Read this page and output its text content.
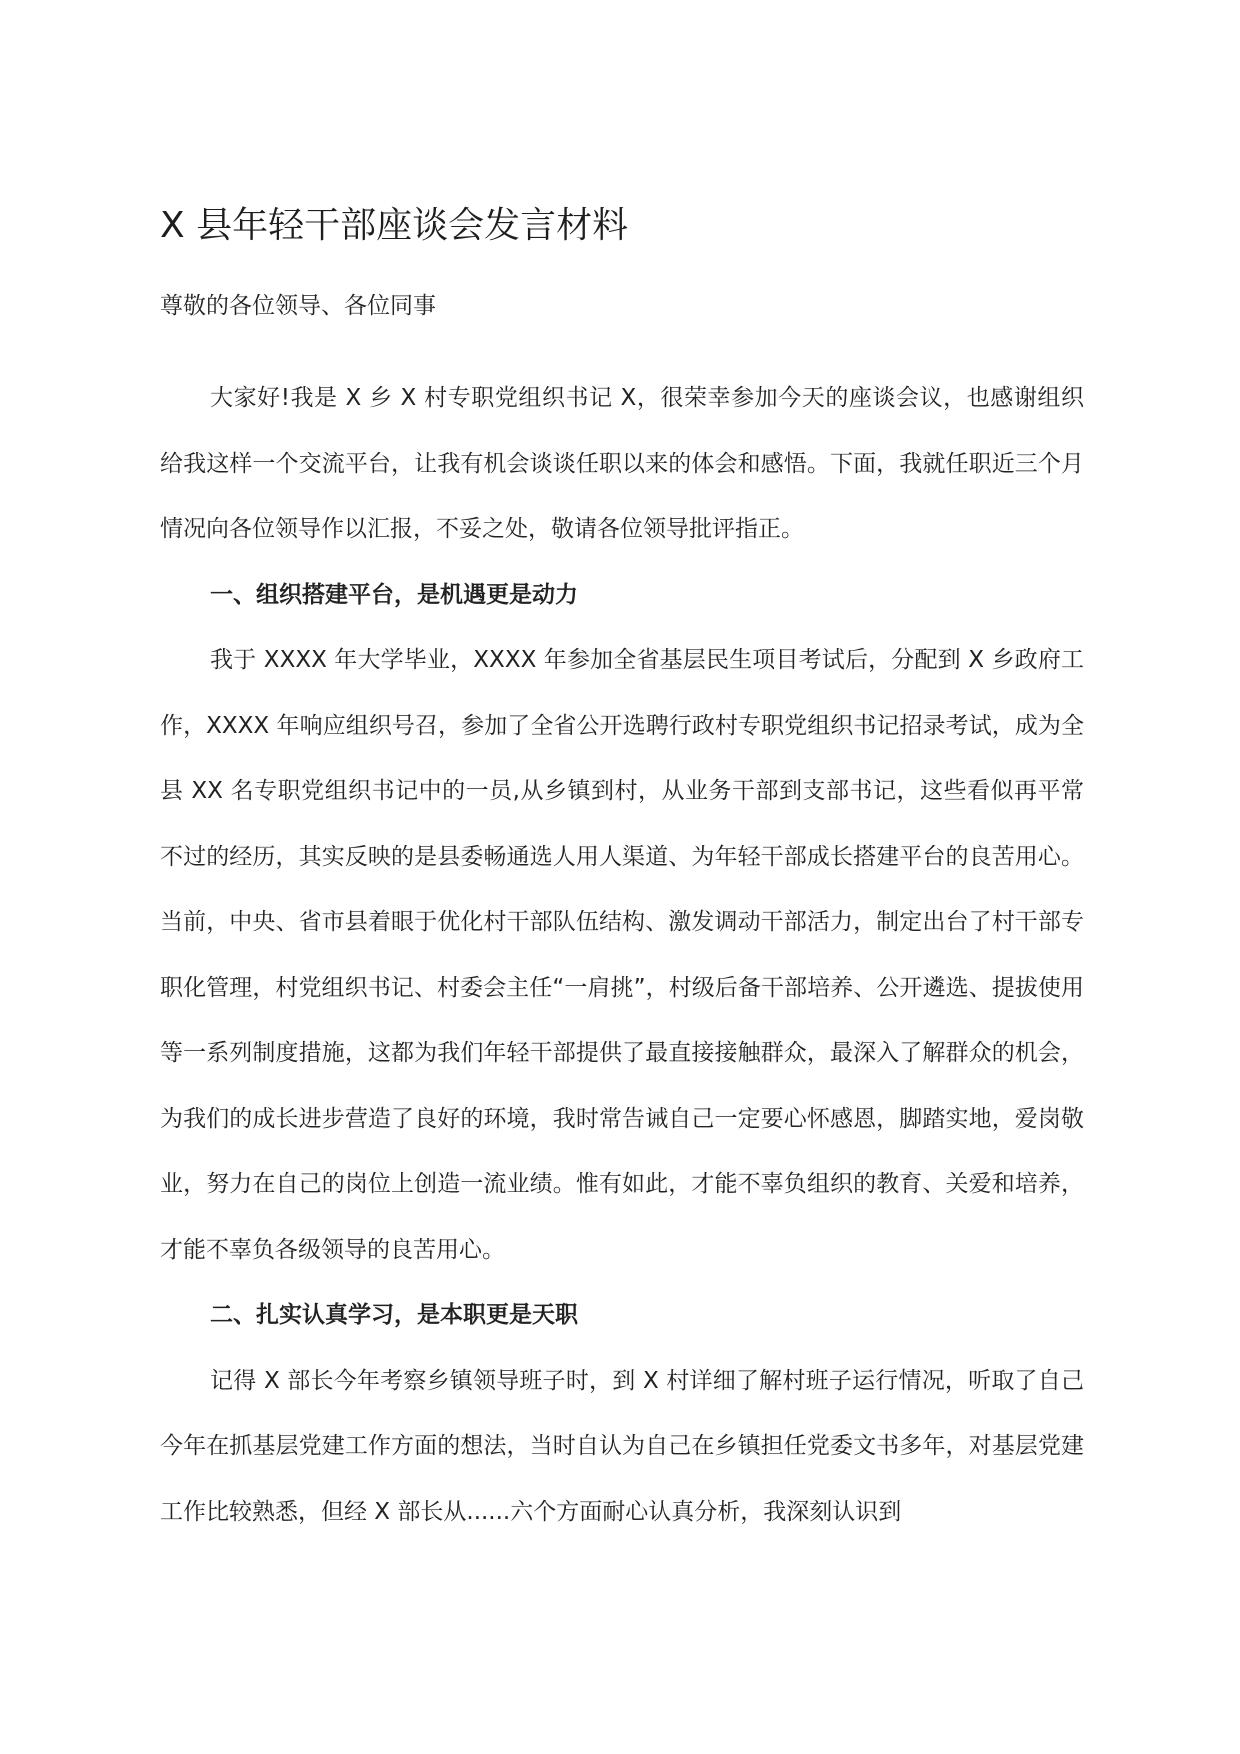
X 县年轻干部座谈会发言材料

尊敬的各位领导、各位同事

大家好!我是 X 乡 X 村专职党组织书记 X，很荣幸参加今天的座谈会议，也感谢组织给我这样一个交流平台，让我有机会谈谈任职以来的体会和感悟。下面，我就任职近三个月情况向各位领导作以汇报，不妥之处，敬请各位领导批评指正。

一、组织搭建平台，是机遇更是动力

我于 XXXX 年大学毕业，XXXX 年参加全省基层民生项目考试后，分配到 X 乡政府工作，XXXX 年响应组织号召，参加了全省公开选聘行政村专职党组织书记招录考试，成为全县 XX 名专职党组织书记中的一员,从乡镇到村，从业务干部到支部书记，这些看似再平常不过的经历，其实反映的是县委畅通选人用人渠道、为年轻干部成长搭建平台的良苦用心。当前，中央、省市县着眼于优化村干部队伍结构、激发调动干部活力，制定出台了村干部专职化管理，村党组织书记、村委会主任“一肩挑”，村级后备干部培养、公开遴选、提拔使用等一系列制度措施，这都为我们年轻干部提供了最直接接触群众，最深入了解群众的机会，为我们的成长进步营造了良好的环境，我时常告诫自己一定要心怀感恩，脚踏实地，爱岗敬业，努力在自己的岗位上创造一流业绩。惟有如此，才能不辜负组织的教育、关爱和培养，才能不辜负各级领导的良苦用心。

二、扎实认真学习，是本职更是天职

记得 X 部长今年考察乡镇领导班子时，到 X 村详细了解村班子运行情况，听取了自己今年在抓基层党建工作方面的想法，当时自认为自己在乡镇担任党委文书多年，对基层党建工作比较熟悉，但经 X 部长从......六个方面耐心认真分析，我深刻认识到
